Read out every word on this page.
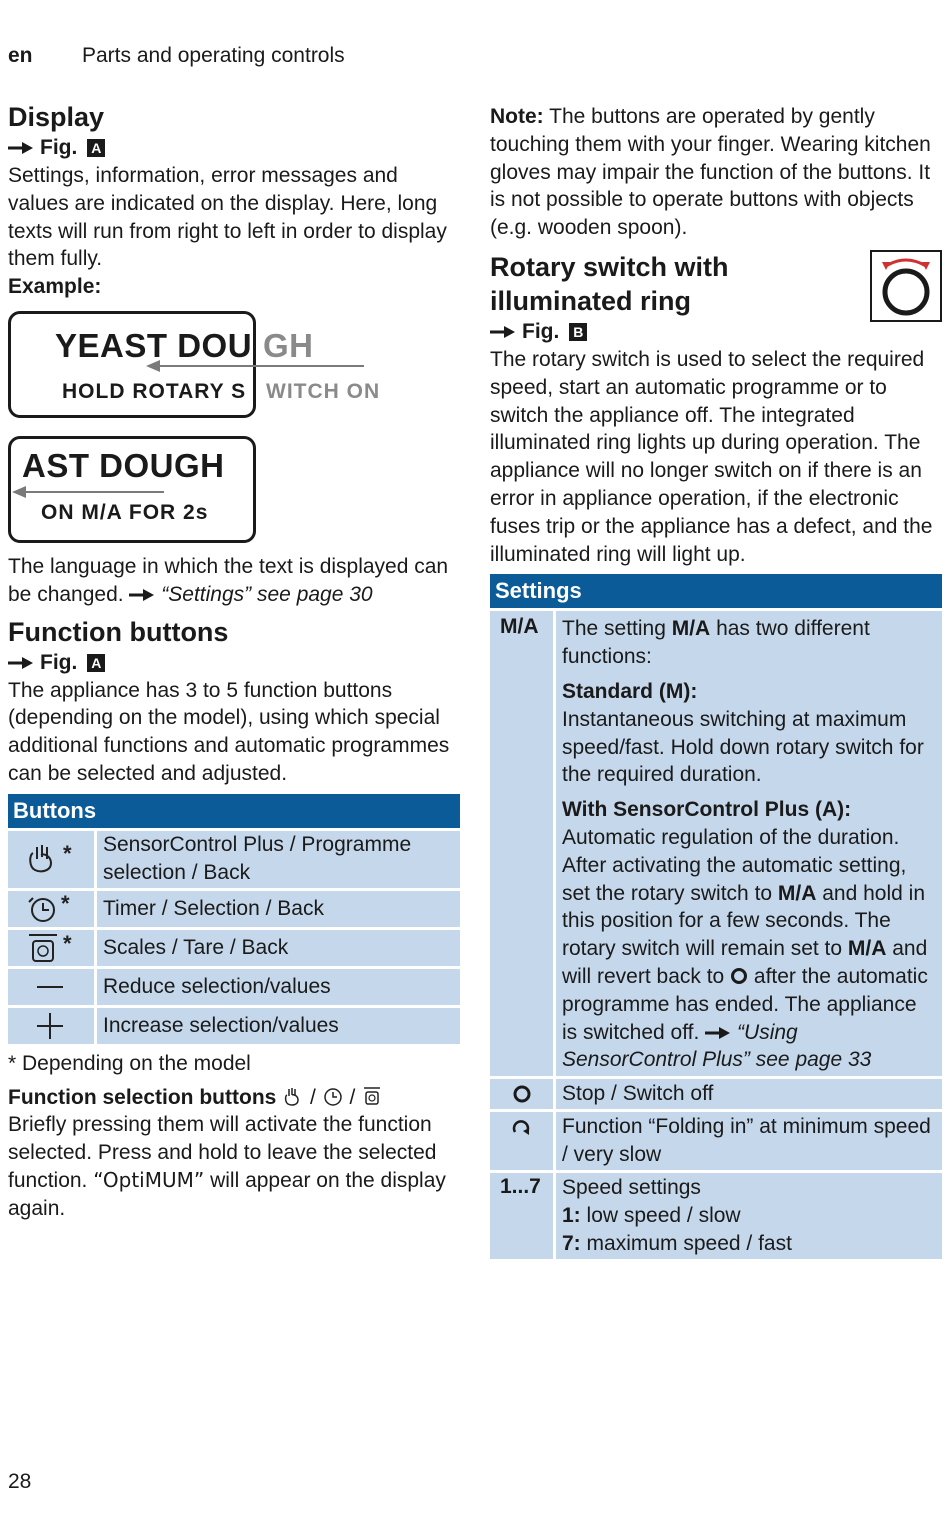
en Parts and operating controls
Display
Fig. A

Settings, information, error messages and values are indicated on the display. Here, long texts will run from right to left in order to display them fully.

Example:

YEAST DOU GH
HOLD ROTARY S WITCH ON
AST DOUGH
ON M/A FOR 2s

The language in which the text is displayed can be changed. “Settings” see page 30

Function buttons
Fig. A

The appliance has 3 to 5 function buttons (depending on the model), using which special additional functions and automatic programmes can be selected and adjusted.

Buttons
* SensorControl Plus / Programme selection / Back
* Timer / Selection / Back
* Scales / Tare / Back
Reduce selection/values
Increase selection/values

* Depending on the model

Function selection buttons / /

Briefly pressing them will activate the function selected. Press and hold to leave the selected function. “OptiMUM” will appear on the display again.

Note: The buttons are operated by gently touching them with your finger. Wearing kitchen gloves may impair the function of the buttons. It is not possible to operate buttons with objects (e.g. wooden spoon).

Rotary switch with
illuminated ring
Fig. B

The rotary switch is used to select the required speed, start an automatic programme or to switch the appliance off. The integrated illuminated ring lights up during operation. The appliance will no longer switch on if there is an error in appliance operation, if the electronic fuses trip or the appliance has a defect, and the illuminated ring will light up.

Settings
M/A	The setting M/A has two different functions:
Standard (M):
Instantaneous switching at maximum speed/fast. Hold down rotary switch for the required duration.
With SensorControl Plus (A):
Automatic regulation of the duration. After activating the automatic setting, set the rotary switch to M/A and hold in this position for a few seconds. The rotary switch will remain set to M/A and will revert back to  after the automatic programme has ended. The appliance is switched off. “Using SensorControl Plus” see page 33
Stop / Switch off
Function “Folding in” at minimum speed / very slow
1...7	Speed settings
1: low speed / slow
7: maximum speed / fast
28
